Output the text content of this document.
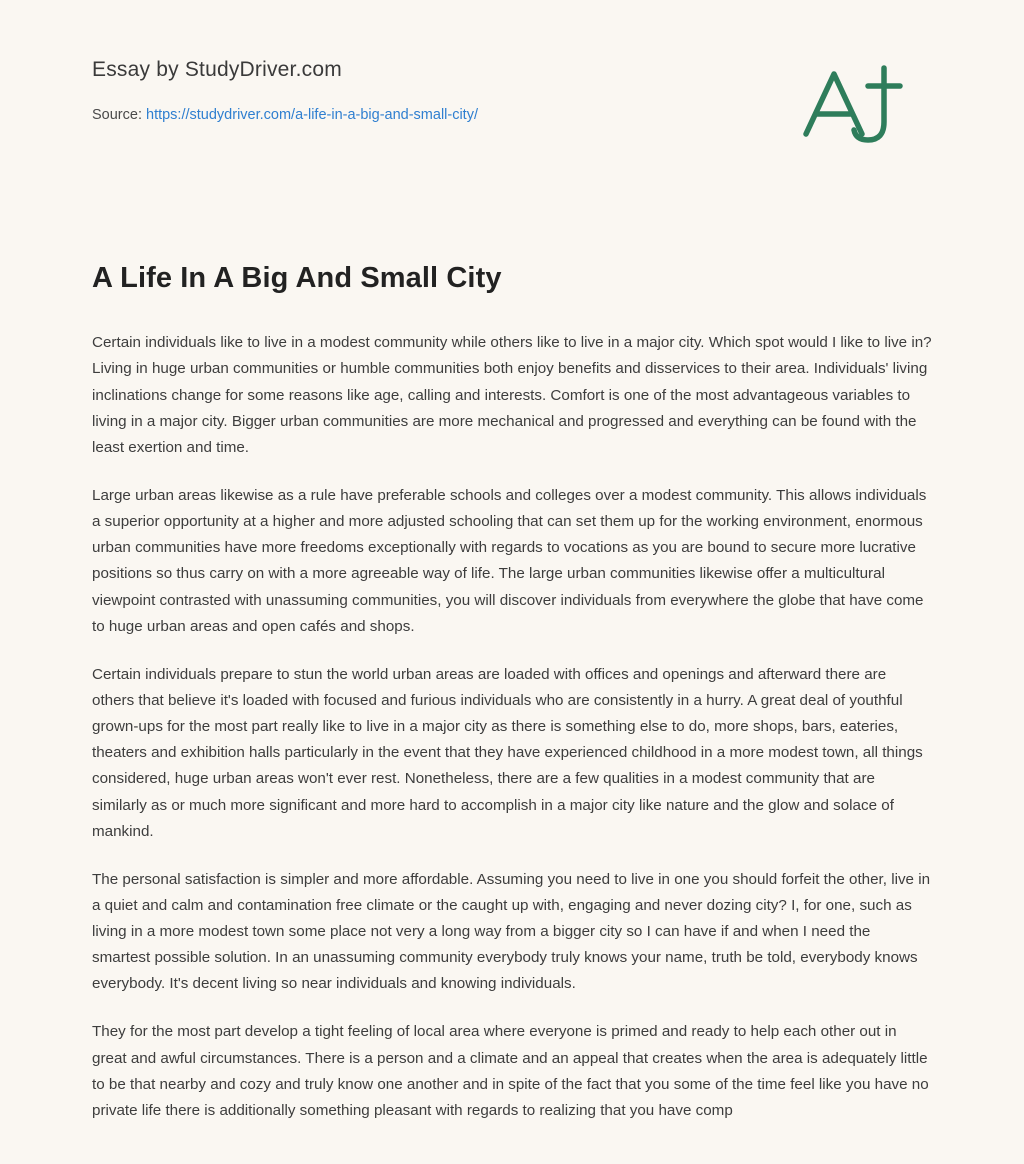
Essay by StudyDriver.com
Source: https://studydriver.com/a-life-in-a-big-and-small-city/
A Life In A Big And Small City

Certain individuals like to live in a modest community while others like to live in a major city. Which spot would I like to live in? Living in huge urban communities or humble communities both enjoy benefits and disservices to their area. Individuals' living inclinations change for some reasons like age, calling and interests. Comfort is one of the most advantageous variables to living in a major city. Bigger urban communities are more mechanical and progressed and everything can be found with the least exertion and time.

Large urban areas likewise as a rule have preferable schools and colleges over a modest community. This allows individuals a superior opportunity at a higher and more adjusted schooling that can set them up for the working environment, enormous urban communities have more freedoms exceptionally with regards to vocations as you are bound to secure more lucrative positions so thus carry on with a more agreeable way of life. The large urban communities likewise offer a multicultural viewpoint contrasted with unassuming communities, you will discover individuals from everywhere the globe that have come to huge urban areas and open cafés and shops.

Certain individuals prepare to stun the world urban areas are loaded with offices and openings and afterward there are others that believe it's loaded with focused and furious individuals who are consistently in a hurry. A great deal of youthful grown-ups for the most part really like to live in a major city as there is something else to do, more shops, bars, eateries, theaters and exhibition halls particularly in the event that they have experienced childhood in a more modest town, all things considered, huge urban areas won't ever rest. Nonetheless, there are a few qualities in a modest community that are similarly as or much more significant and more hard to accomplish in a major city like nature and the glow and solace of mankind.

The personal satisfaction is simpler and more affordable. Assuming you need to live in one you should forfeit the other, live in a quiet and calm and contamination free climate or the caught up with, engaging and never dozing city? I, for one, such as living in a more modest town some place not very a long way from a bigger city so I can have if and when I need the smartest possible solution. In an unassuming community everybody truly knows your name, truth be told, everybody knows everybody. It's decent living so near individuals and knowing individuals.

They for the most part develop a tight feeling of local area where everyone is primed and ready to help each other out in great and awful circumstances. There is a person and a climate and an appeal that creates when the area is adequately little to be that nearby and cozy and truly know one another and in spite of the fact that you some of the time feel like you have no private life there is additionally something pleasant with regards to realizing that you have comp
